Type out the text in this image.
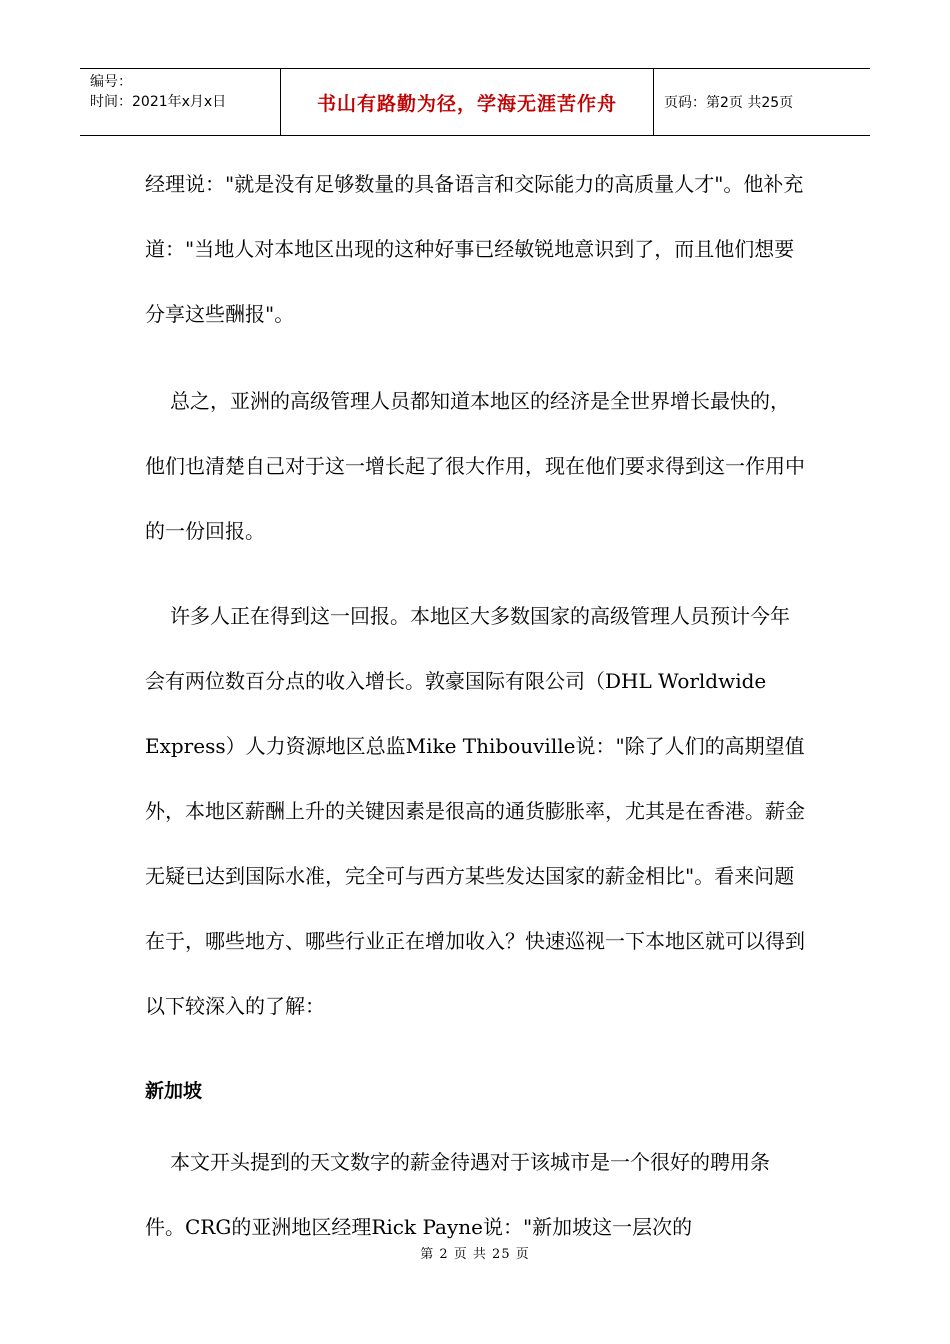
编号：
时间：2021年x月x日	书山有路勤为径，学海无涯苦作舟	页码：第2页 共25页

经理说："就是没有足够数量的具备语言和交际能力的高质量人才"。他补充道："当地人对本地区出现的这种好事已经敏锐地意识到了，而且他们想要分享这些酬报"。

总之，亚洲的高级管理人员都知道本地区的经济是全世界增长最快的，他们也清楚自己对于这一增长起了很大作用，现在他们要求得到这一作用中的一份回报。

许多人正在得到这一回报。本地区大多数国家的高级管理人员预计今年会有两位数百分点的收入增长。敦豪国际有限公司（DHL Worldwide Express）人力资源地区总监Mike Thibouville说："除了人们的高期望值外，本地区薪酬上升的关键因素是很高的通货膨胀率，尤其是在香港。薪金无疑已达到国际水准，完全可与西方某些发达国家的薪金相比"。看来问题在于，哪些地方、哪些行业正在增加收入？快速巡视一下本地区就可以得到以下较深入的了解：

新加坡

本文开头提到的天文数字的薪金待遇对于该城市是一个很好的聘用条件。CRG的亚洲地区经理Rick Payne说："新加坡这一层次的

第 2 页 共 25 页
